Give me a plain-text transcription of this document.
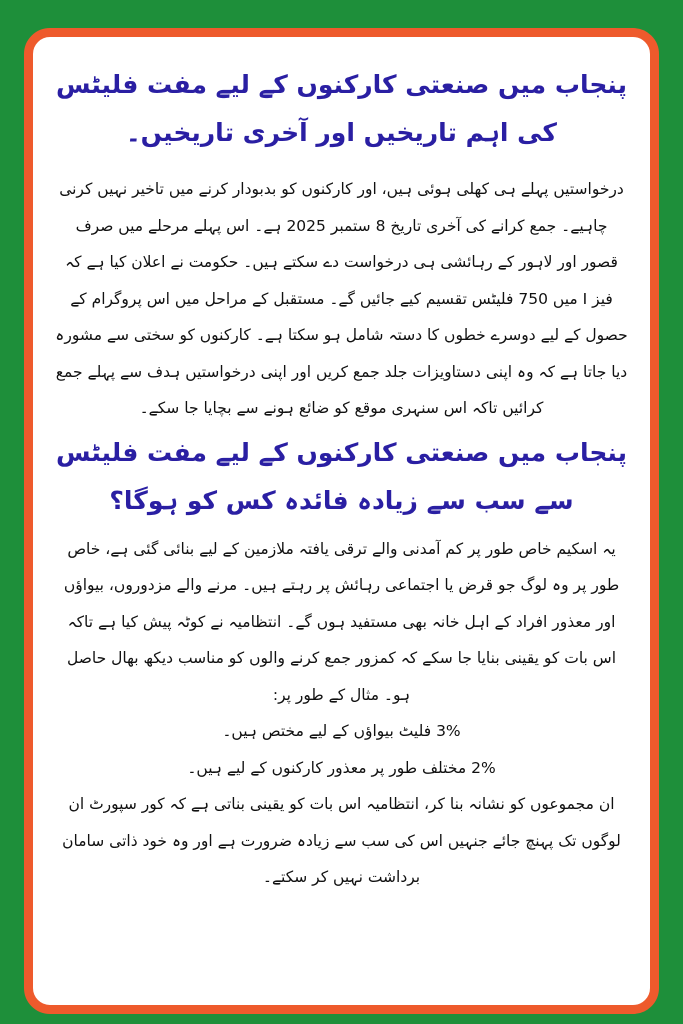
پنجاب میں صنعتی کارکنوں کے لیے مفت فلیٹس کی اہم تاریخیں اور آخری تاریخیں۔

درخواستیں پہلے ہی کھلی ہوئی ہیں، اور کارکنوں کو بدبودار کرنے میں تاخیر نہیں کرنی چاہیے۔ جمع کرانے کی آخری تاریخ 8 ستمبر 2025 ہے۔ اس پہلے مرحلے میں صرف قصور اور لاہور کے رہائشی ہی درخواست دے سکتے ہیں۔ حکومت نے اعلان کیا ہے کہ فیز I میں 750 فلیٹس تقسیم کیے جائیں گے۔ مستقبل کے مراحل میں اس پروگرام کے حصول کے لیے دوسرے خطوں کا دستہ شامل ہو سکتا ہے۔ کارکنوں کو سختی سے مشورہ دیا جاتا ہے کہ وہ اپنی دستاویزات جلد جمع کریں اور اپنی درخواستیں ہدف سے پہلے جمع کرائیں تاکہ اس سنہری موقع کو ضائع ہونے سے بچایا جا سکے۔

پنجاب میں صنعتی کارکنوں کے لیے مفت فلیٹس سے سب سے زیادہ فائدہ کس کو ہوگا؟

یہ اسکیم خاص طور پر کم آمدنی والے ترقی یافتہ ملازمین کے لیے بنائی گئی ہے، خاص طور پر وہ لوگ جو قرض یا اجتماعی رہائش پر رہتے ہیں۔ مرنے والے مزدوروں، بیواؤں اور معذور افراد کے اہل خانہ بھی مستفید ہوں گے۔ انتظامیہ نے کوٹہ پیش کیا ہے تاکہ اس بات کو یقینی بنایا جا سکے کہ کمزور جمع کرنے والوں کو مناسب دیکھ بھال حاصل ہو۔ مثال کے طور پر:

3% فلیٹ بیواؤں کے لیے مختص ہیں۔

2% مختلف طور پر معذور کارکنوں کے لیے ہیں۔

ان مجموعوں کو نشانہ بنا کر، انتظامیہ اس بات کو یقینی بناتی ہے کہ کور سپورٹ ان لوگوں تک پہنچ جائے جنہیں اس کی سب سے زیادہ ضرورت ہے اور وہ خود ذاتی سامان برداشت نہیں کر سکتے۔
